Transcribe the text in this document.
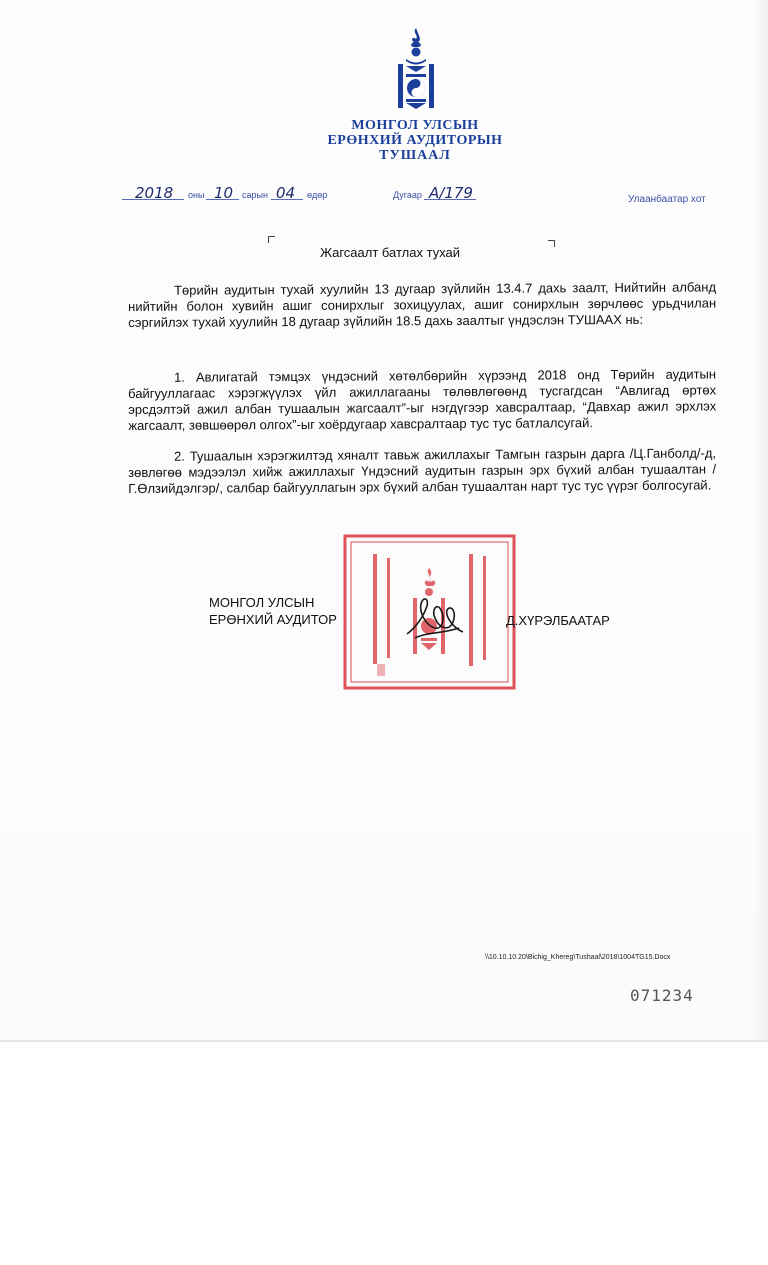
МОНГОЛ УЛСЫН
ЕРӨНХИЙ АУДИТОРЫН
ТУШААЛ
2018 оны 10 сарын 04 өдөр	Дугаар А/179	Улаанбаатар хот
Жагсаалт батлах тухай
Төрийн аудитын тухай хуулийн 13 дугаар зүйлийн 13.4.7 дахь заалт, Нийтийн албанд нийтийн болон хувийн ашиг сонирхлыг зохицуулах, ашиг сонирхлын зөрчлөөс урьдчилан сэргийлэх тухай хуулийн 18 дугаар зүйлийн 18.5 дахь заалтыг үндэслэн ТУШААХ нь:
1. Авлигатай тэмцэх үндэсний хөтөлбөрийн хүрээнд 2018 онд Төрийн аудитын байгууллагаас хэрэгжүүлэх үйл ажиллагааны төлөвлөгөөнд тусгагдсан “Авлигад өртөх эрсдэлтэй ажил албан тушаалын жагсаалт”-ыг нэгдүгээр хавсралтаар, “Давхар ажил эрхлэх жагсаалт, зөвшөөрөл олгох”-ыг хоёрдугаар хавсралтаар тус тус батлалсугай.
2. Тушаалын хэрэгжилтэд хяналт тавьж ажиллахыг Тамгын газрын дарга /Ц.Ганболд/-д, зөвлөгөө мэдээлэл хийж ажиллахыг Үндэсний аудитын газрын эрх бүхий албан тушаалтан /Г.Өлзийдэлгэр/, салбар байгууллагын эрх бүхий албан тушаалтан нарт тус тус үүрэг болгосугай.
МОНГОЛ УЛСЫН
ЕРӨНХИЙ АУДИТОР	Д.ХҮРЭЛБААТАР
\\10.10.10.20\Bichig_Khereg\Tushaal\2018\1004TG15.Docx
071234
